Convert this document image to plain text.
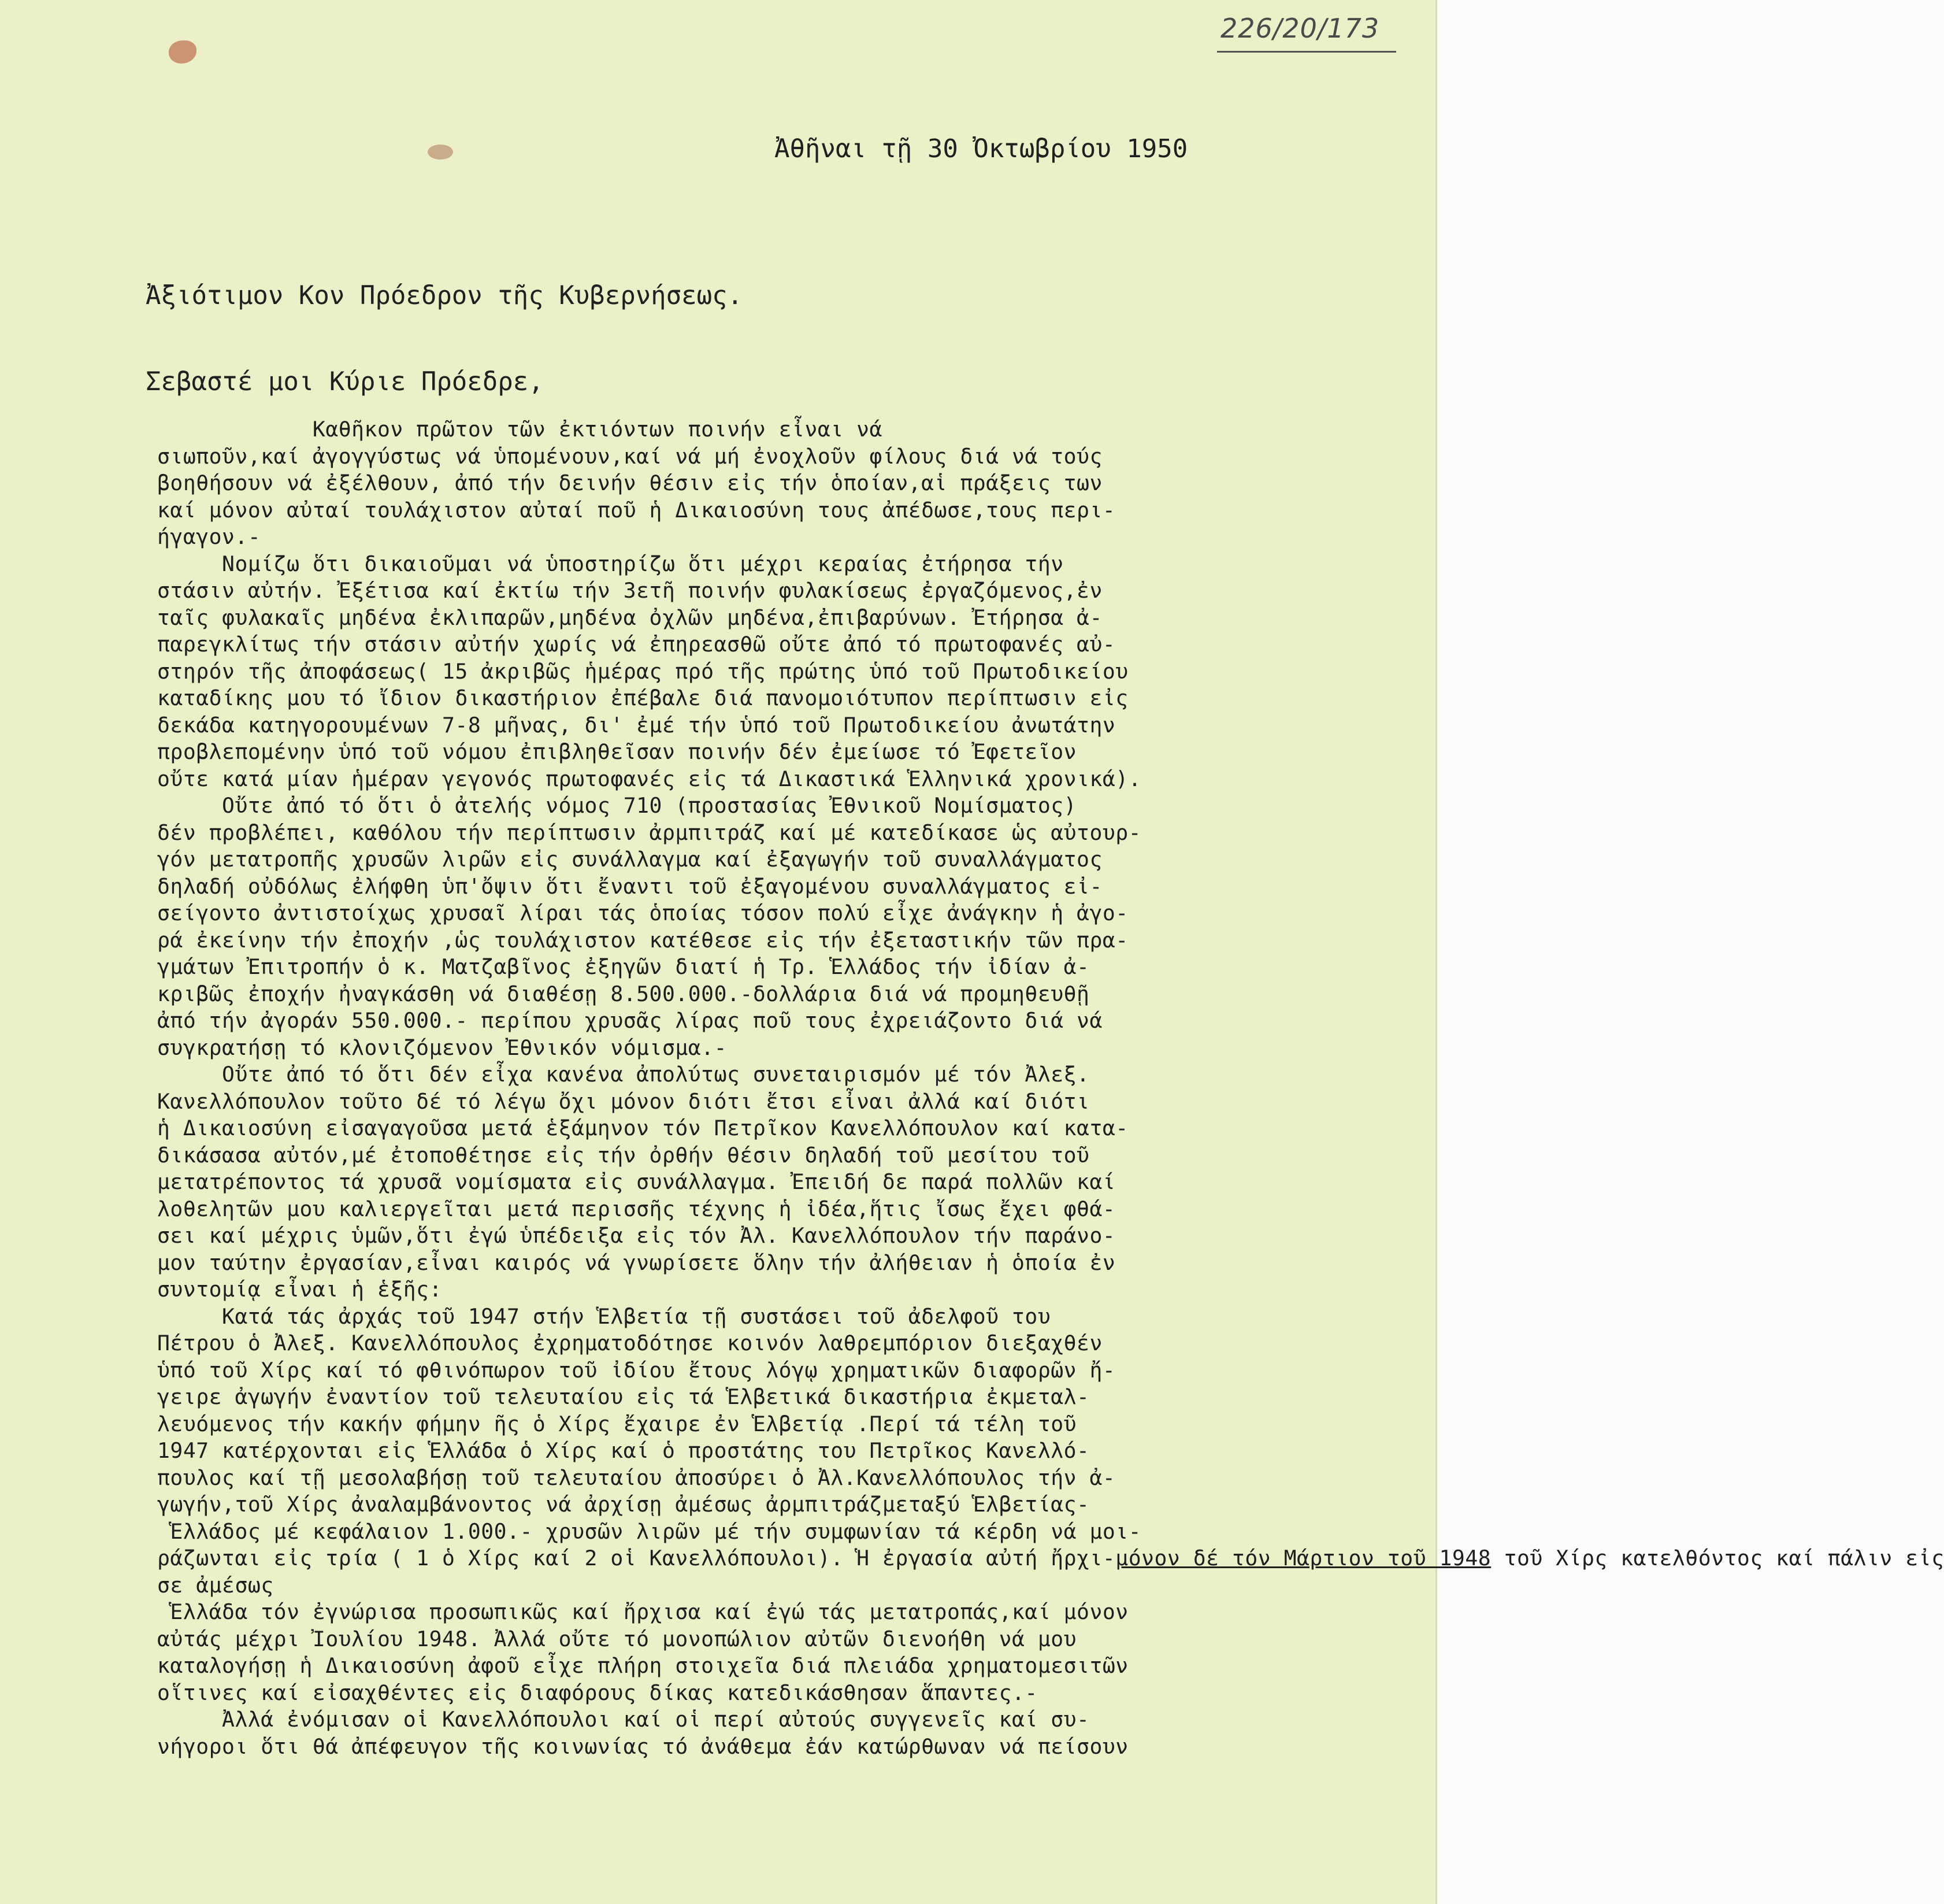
226/20/173
Ἀθῆναι τῇ 30 Ὀκτωβρίου 1950
Ἀξιότιμον Κον Πρόεδρον τῆς Κυβερνήσεως.
Σεβαστέ μοι Κύριε Πρόεδρε,
Καθῆκον πρῶτον τῶν ἐκτιόντων ποινήν εἶναι νά
σιωποῦν,καί ἀγογγύστως νά ὑπομένουν,καί νά μή ἐνοχλοῦν φίλους διά νά τούς
βοηθήσουν νά ἐξέλθουν, ἀπό τήν δεινήν θέσιν εἰς τήν ὁποίαν,αἱ πράξεις των
καί μόνον αὐταί τουλάχιστον αὐταί ποῦ ἡ Δικαιοσύνη τους ἀπέδωσε,τους περι-
ήγαγον.-
Νομίζω ὅτι δικαιοῦμαι νά ὑποστηρίζω ὅτι μέχρι κεραίας ἐτήρησα τήν
στάσιν αὐτήν. Ἐξέτισα καί ἐκτίω τήν 3ετῆ ποινήν φυλακίσεως ἐργαζόμενος,ἐν
ταῖς φυλακαῖς μηδένα ἐκλιπαρῶν,μηδένα ὀχλῶν μηδένα,ἐπιβαρύνων. Ἐτήρησα ἀ-
παρεγκλίτως τήν στάσιν αὐτήν χωρίς νά ἐπηρεασθῶ οὔτε ἀπό τό πρωτοφανές αὐ-
στηρόν τῆς ἀποφάσεως( 15 ἀκριβῶς ἡμέρας πρό τῆς πρώτης ὑπό τοῦ Πρωτοδικείου
καταδίκης μου τό ἴδιον δικαστήριον ἐπέβαλε διά πανομοιότυπον περίπτωσιν εἰς
δεκάδα κατηγορουμένων 7-8 μῆνας, δι' ἐμέ τήν ὑπό τοῦ Πρωτοδικείου ἀνωτάτην
προβλεπομένην ὑπό τοῦ νόμου ἐπιβληθεῖσαν ποινήν δέν ἐμείωσε τό Ἐφετεῖον
οὔτε κατά μίαν ἡμέραν γεγονός πρωτοφανές εἰς τά Δικαστικά Ἑλληνικά χρονικά).
Οὔτε ἀπό τό ὅτι ὁ ἀτελής νόμος 710 (προστασίας Ἐθνικοῦ Νομίσματος)
δέν προβλέπει, καθόλου τήν περίπτωσιν ἀρμπιτράζ καί μέ κατεδίκασε ὡς αὐτουρ-
γόν μετατροπῆς χρυσῶν λιρῶν εἰς συνάλλαγμα καί ἐξαγωγήν τοῦ συναλλάγματος
δηλαδή οὐδόλως ἐλήφθη ὑπ'ὄψιν ὅτι ἔναντι τοῦ ἐξαγομένου συναλλάγματος εἰ-
σείγοντο ἀντιστοίχως χρυσαῖ λίραι τάς ὁποίας τόσον πολύ εἶχε ἀνάγκην ἡ ἀγο-
ρά ἐκείνην τήν ἐποχήν ,ὡς τουλάχιστον κατέθεσε εἰς τήν ἐξεταστικήν τῶν πρα-
γμάτων Ἐπιτροπήν ὁ κ. Ματζαβῖνος ἐξηγῶν διατί ἡ Τρ. Ἑλλάδος τήν ἰδίαν ἀ-
κριβῶς ἐποχήν ἠναγκάσθη νά διαθέσῃ 8.500.000.-δολλάρια διά νά προμηθευθῇ
ἀπό τήν ἀγοράν 550.000.- περίπου χρυσᾶς λίρας ποῦ τους ἐχρειάζοντο διά νά
συγκρατήσῃ τό κλονιζόμενον Ἐθνικόν νόμισμα.-
Οὔτε ἀπό τό ὅτι δέν εἶχα κανένα ἀπολύτως συνεταιρισμόν μέ τόν Ἀλεξ.
Κανελλόπουλον τοῦτο δέ τό λέγω ὄχι μόνον διότι ἔτσι εἶναι ἀλλά καί διότι
ἡ Δικαιοσύνη εἰσαγαγοῦσα μετά ἑξάμηνον τόν Πετρῖκον Κανελλόπουλον καί κατα-
δικάσασα αὐτόν,μέ ἐτοποθέτησε εἰς τήν ὀρθήν θέσιν δηλαδή τοῦ μεσίτου τοῦ
μετατρέποντος τά χρυσᾶ νομίσματα εἰς συνάλλαγμα. Ἐπειδή δε παρά πολλῶν καί
λοθελητῶν μου καλιεργεῖται μετά περισσῆς τέχνης ἡ ἰδέα,ἥτις ἴσως ἔχει φθά-
σει καί μέχρις ὑμῶν,ὅτι ἐγώ ὑπέδειξα εἰς τόν Ἀλ. Κανελλόπουλον τήν παράνο-
μον ταύτην ἐργασίαν,εἶναι καιρός νά γνωρίσετε ὅλην τήν ἀλήθειαν ἡ ὁποία ἐν
συντομίᾳ εἶναι ἡ ἑξῆς:
Κατά τάς ἀρχάς τοῦ 1947 στήν Ἑλβετία τῇ συστάσει τοῦ ἀδελφοῦ του
Πέτρου ὁ Ἀλεξ. Κανελλόπουλος ἐχρηματοδότησε κοινόν λαθρεμπόριον διεξαχθέν
ὑπό τοῦ Χίρς καί τό φθινόπωρον τοῦ ἰδίου ἔτους λόγῳ χρηματικῶν διαφορῶν ἤ-
γειρε ἀγωγήν ἐναντίον τοῦ τελευταίου εἰς τά Ἑλβετικά δικαστήρια ἐκμεταλ-
λευόμενος τήν κακήν φήμην ῆς ὁ Χίρς ἔχαιρε ἐν Ἑλβετίᾳ .Περί τά τέλη τοῦ
1947 κατέρχονται εἰς Ἑλλάδα ὁ Χίρς καί ὁ προστάτης του Πετρῖκος Κανελλό-
πουλος καί τῇ μεσολαβήσῃ τοῦ τελευταίου ἀποσύρει ὁ Ἀλ.Κανελλόπουλος τήν ἀ-
γωγήν,τοῦ Χίρς ἀναλαμβάνοντος νά ἀρχίσῃ ἀμέσως ἀρμπιτράζμεταξύ Ἑλβετίας-
Ἑλλάδος μέ κεφάλαιον 1.000.- χρυσῶν λιρῶν μέ τήν συμφωνίαν τά κέρδη νά μοι-
ράζωνται εἰς τρία ( 1 ὁ Χίρς καί 2 οἱ Κανελλόπουλοι). Ἡ ἐργασία αὐτή ἤρχι-μόνον δέ τόν Μάρτιον τοῦ 1948 τοῦ Χίρς κατελθόντος καί πάλιν εἰς
σε ἀμέσως
Ἑλλάδα τόν ἐγνώρισα προσωπικῶς καί ἤρχισα καί ἐγώ τάς μετατροπάς,καί μόνον
αὐτάς μέχρι Ἰουλίου 1948. Ἀλλά οὔτε τό μονοπώλιον αὐτῶν διενοήθη νά μου
καταλογήσῃ ἡ Δικαιοσύνη ἀφοῦ εἶχε πλήρη στοιχεῖα διά πλειάδα χρηματομεσιτῶν
οἵτινες καί εἰσαχθέντες εἰς διαφόρους δίκας κατεδικάσθησαν ἅπαντες.-
Ἀλλά ἐνόμισαν οἱ Κανελλόπουλοι καί οἱ περί αὐτούς συγγενεῖς καί συ-
νήγοροι ὅτι θά ἀπέφευγον τῆς κοινωνίας τό ἀνάθεμα ἐάν κατώρθωναν νά πείσουν
